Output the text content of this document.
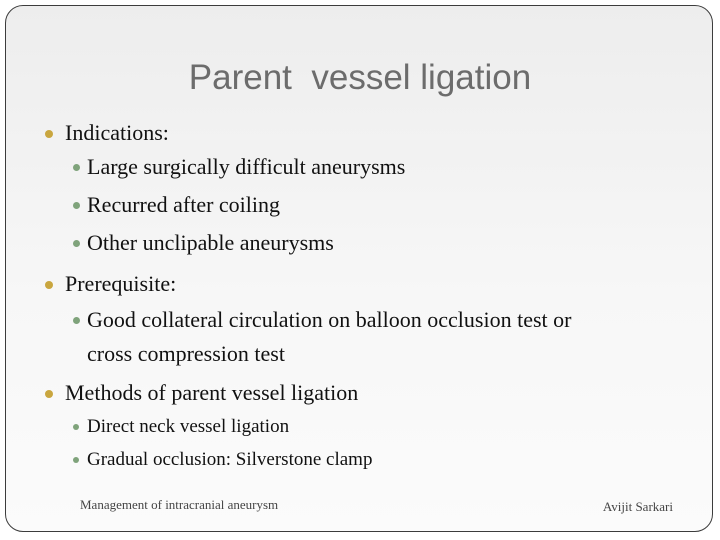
Parent  vessel ligation
Indications:
Large surgically difficult aneurysms
Recurred after coiling
Other unclipable aneurysms
Prerequisite:
Good collateral circulation on balloon occlusion test or
cross compression test
Methods of parent vessel ligation
Direct neck vessel ligation
Gradual occlusion: Silverstone clamp
Management of intracranial aneurysm	Avijit Sarkari
